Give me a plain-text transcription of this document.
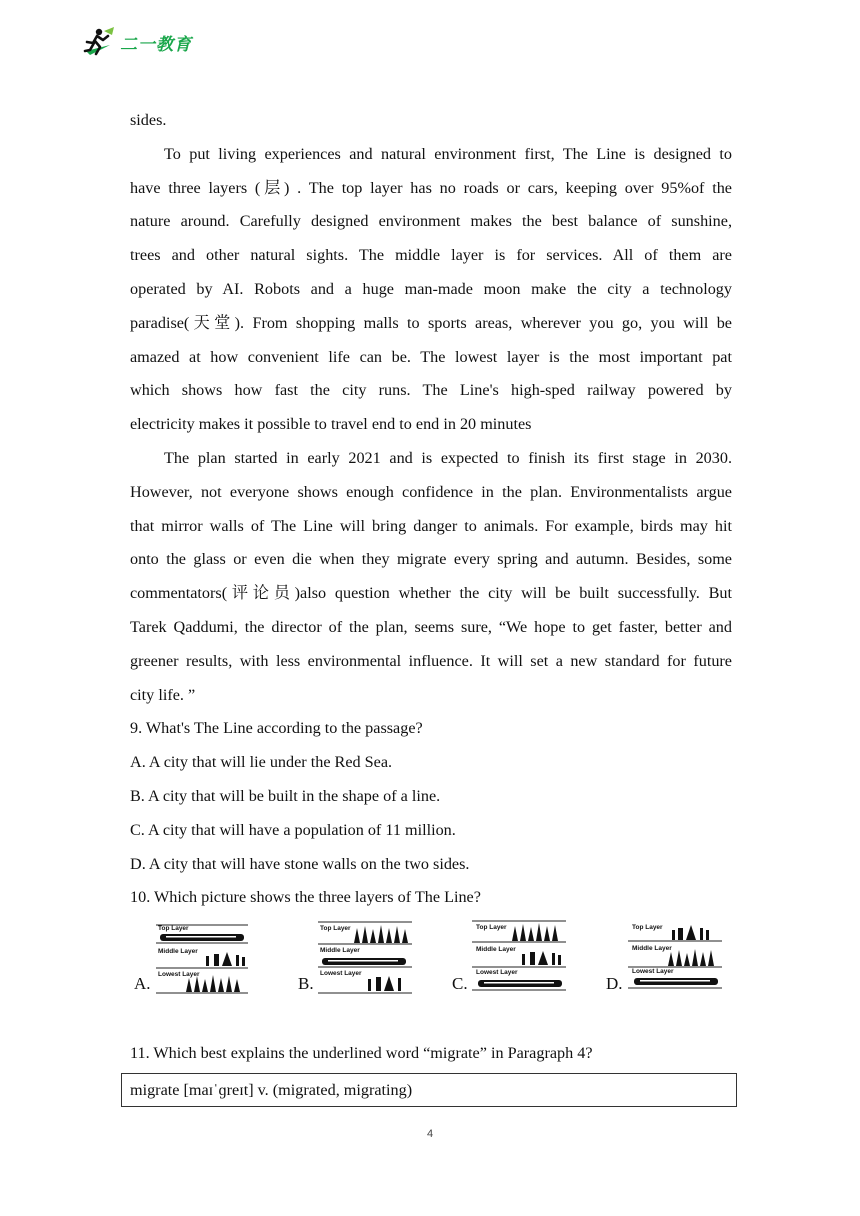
二一教育
sides.
To put living experiences and natural environment first, The Line is designed to
have three layers (层) . The top layer has no roads or cars, keeping over 95%of the
nature around. Carefully designed environment makes the best balance of sunshine,
trees and other natural sights. The middle layer is for services. All of them are
operated by AI. Robots and a huge man-made moon make the city a technology
paradise(天堂). From shopping malls to sports areas, wherever you go, you will be
amazed at how convenient life can be. The lowest layer is the most important pat
which shows how fast the city runs. The Line's high-sped railway powered by
electricity makes it possible to travel end to end in 20 minutes
The plan started in early 2021 and is expected to finish its first stage in 2030.
However, not everyone shows enough confidence in the plan. Environmentalists argue
that mirror walls of The Line will bring danger to animals. For example, birds may hit
onto the glass or even die when they migrate every spring and autumn. Besides, some
commentators(评论员)also question whether the city will be built successfully. But
Tarek Qaddumi, the director of the plan, seems sure, “We hope to get faster, better and
greener results, with less environmental influence. It will set a new standard for future
city life. ”
9. What's The Line according to the passage?
A. A city that will lie under the Red Sea.
B. A city that will be built in the shape of a line.
C. A city that will have a population of 11 million.
D. A city that will have stone walls on the two sides.
10. Which picture shows the three layers of The Line?
A.
Top Layer
Middle Layer
Lowest Layer	B.
Top Layer
Middle Layer
Lowest Layer
C.
Top Layer
Middle Layer
Lowest Layer
D.
Top Layer
Middle Layer
Lowest Layer
11. Which best explains the underlined word “migrate” in Paragraph 4?
migrate [maɪˈɡreɪt] v. (migrated, migrating)
4
